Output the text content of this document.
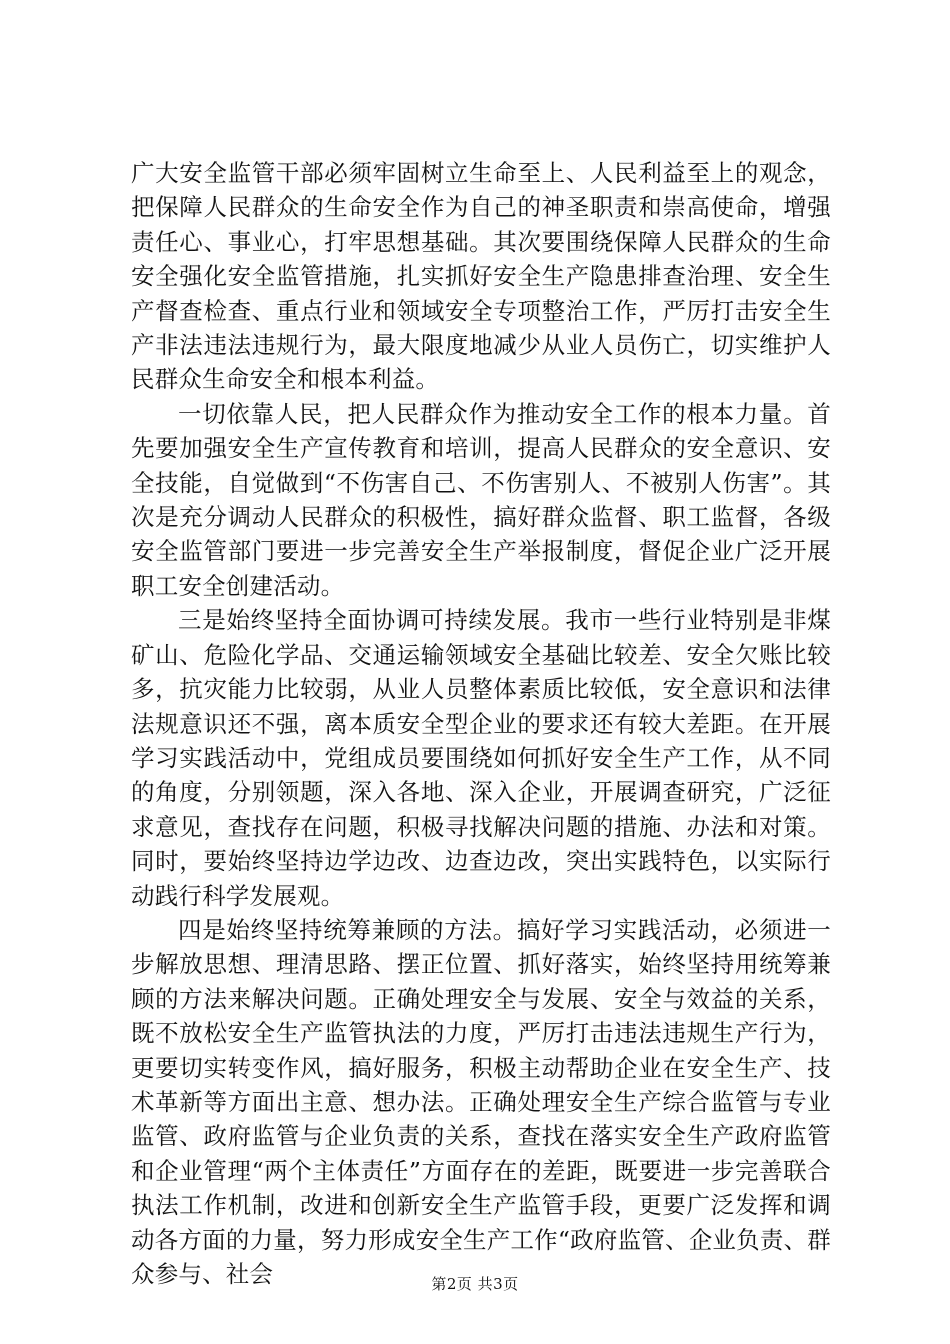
广大安全监管干部必须牢固树立生命至上、人民利益至上的观念，把保障人民群众的生命安全作为自己的神圣职责和崇高使命，增强责任心、事业心，打牢思想基础。其次要围绕保障人民群众的生命安全强化安全监管措施，扎实抓好安全生产隐患排查治理、安全生产督查检查、重点行业和领域安全专项整治工作，严厉打击安全生产非法违法违规行为，最大限度地减少从业人员伤亡，切实维护人民群众生命安全和根本利益。

一切依靠人民，把人民群众作为推动安全工作的根本力量。首先要加强安全生产宣传教育和培训，提高人民群众的安全意识、安全技能，自觉做到“不伤害自己、不伤害别人、不被别人伤害”。其次是充分调动人民群众的积极性，搞好群众监督、职工监督，各级安全监管部门要进一步完善安全生产举报制度，督促企业广泛开展职工安全创建活动。

三是始终坚持全面协调可持续发展。我市一些行业特别是非煤矿山、危险化学品、交通运输领域安全基础比较差、安全欠账比较多，抗灾能力比较弱，从业人员整体素质比较低，安全意识和法律法规意识还不强，离本质安全型企业的要求还有较大差距。在开展学习实践活动中，党组成员要围绕如何抓好安全生产工作，从不同的角度，分别领题，深入各地、深入企业，开展调查研究，广泛征求意见，查找存在问题，积极寻找解决问题的措施、办法和对策。同时，要始终坚持边学边改、边查边改，突出实践特色，以实际行动践行科学发展观。

四是始终坚持统筹兼顾的方法。搞好学习实践活动，必须进一步解放思想、理清思路、摆正位置、抓好落实，始终坚持用统筹兼顾的方法来解决问题。正确处理安全与发展、安全与效益的关系，既不放松安全生产监管执法的力度，严厉打击违法违规生产行为，更要切实转变作风，搞好服务，积极主动帮助企业在安全生产、技术革新等方面出主意、想办法。正确处理安全生产综合监管与专业监管、政府监管与企业负责的关系，查找在落实安全生产政府监管和企业管理“两个主体责任”方面存在的差距，既要进一步完善联合执法工作机制，改进和创新安全生产监管手段，更要广泛发挥和调动各方面的力量，努力形成安全生产工作“政府监管、企业负责、群众参与、社会	第2页 共3页
